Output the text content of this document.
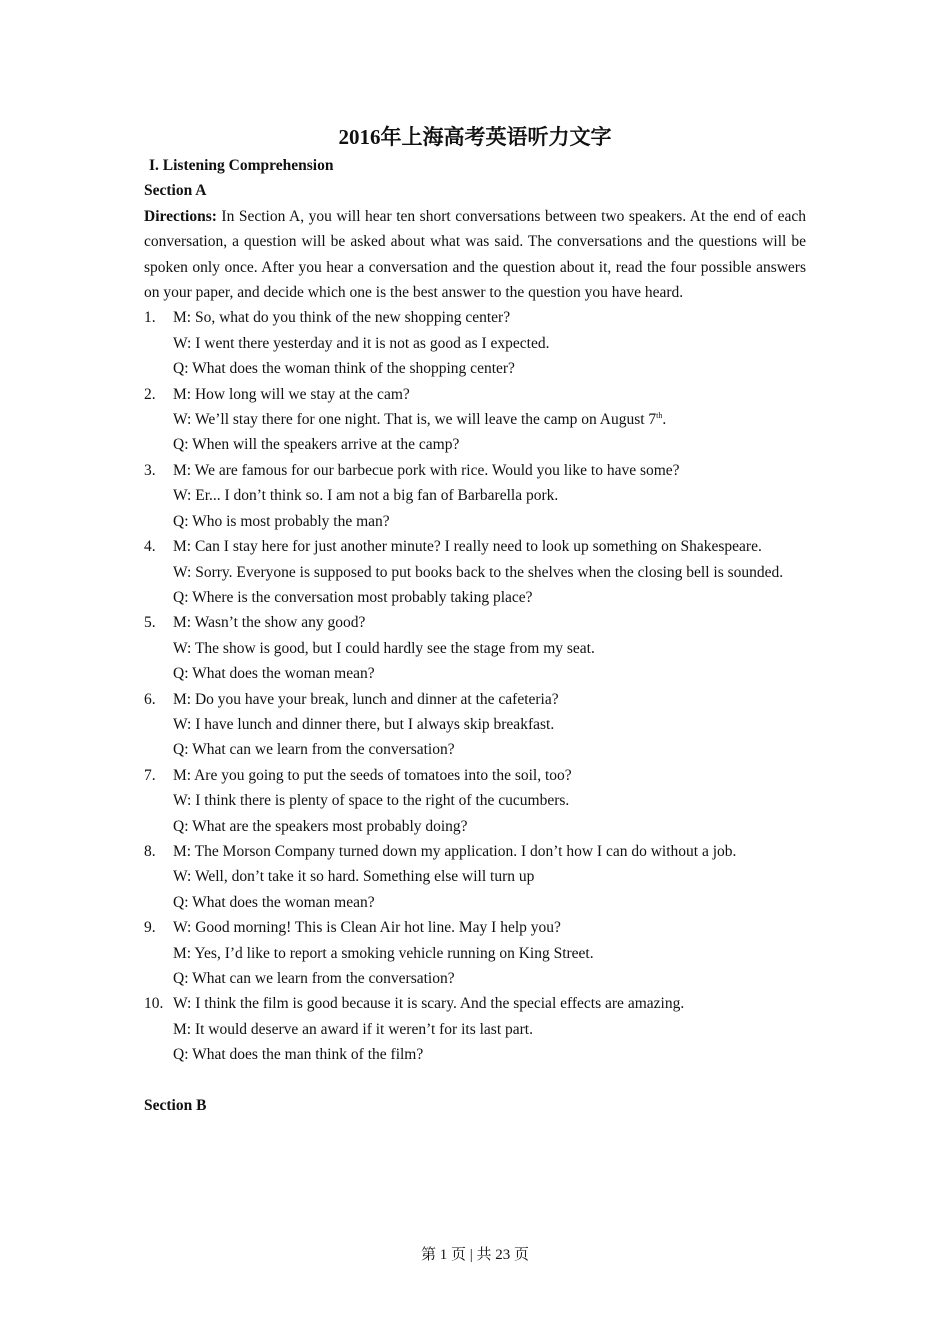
2016年上海高考英语听力文字
I. Listening Comprehension
Section A
Directions: In Section A, you will hear ten short conversations between two speakers. At the end of each conversation, a question will be asked about what was said. The conversations and the questions will be spoken only once. After you hear a conversation and the question about it, read the four possible answers on your paper, and decide which one is the best answer to the question you have heard.
1. M: So, what do you think of the new shopping center?
W: I went there yesterday and it is not as good as I expected.
Q: What does the woman think of the shopping center?
2. M: How long will we stay at the cam?
W: We’ll stay there for one night. That is, we will leave the camp on August 7th.
Q: When will the speakers arrive at the camp?
3. M: We are famous for our barbecue pork with rice. Would you like to have some?
W: Er... I don’t think so. I am not a big fan of Barbarella pork.
Q: Who is most probably the man?
4. M: Can I stay here for just another minute? I really need to look up something on Shakespeare.
W: Sorry. Everyone is supposed to put books back to the shelves when the closing bell is sounded.
Q: Where is the conversation most probably taking place?
5. M: Wasn’t the show any good?
W: The show is good, but I could hardly see the stage from my seat.
Q: What does the woman mean?
6. M: Do you have your break, lunch and dinner at the cafeteria?
W: I have lunch and dinner there, but I always skip breakfast.
Q: What can we learn from the conversation?
7. M: Are you going to put the seeds of tomatoes into the soil, too?
W: I think there is plenty of space to the right of the cucumbers.
Q: What are the speakers most probably doing?
8. M: The Morson Company turned down my application. I don’t how I can do without a job.
W: Well, don’t take it so hard. Something else will turn up
Q: What does the woman mean?
9. W: Good morning! This is Clean Air hot line. May I help you?
M: Yes, I’d like to report a smoking vehicle running on King Street.
Q: What can we learn from the conversation?
10. W: I think the film is good because it is scary. And the special effects are amazing.
M: It would deserve an award if it weren’t for its last part.
Q: What does the man think of the film?
Section B
第 1 页 | 共 23 页
